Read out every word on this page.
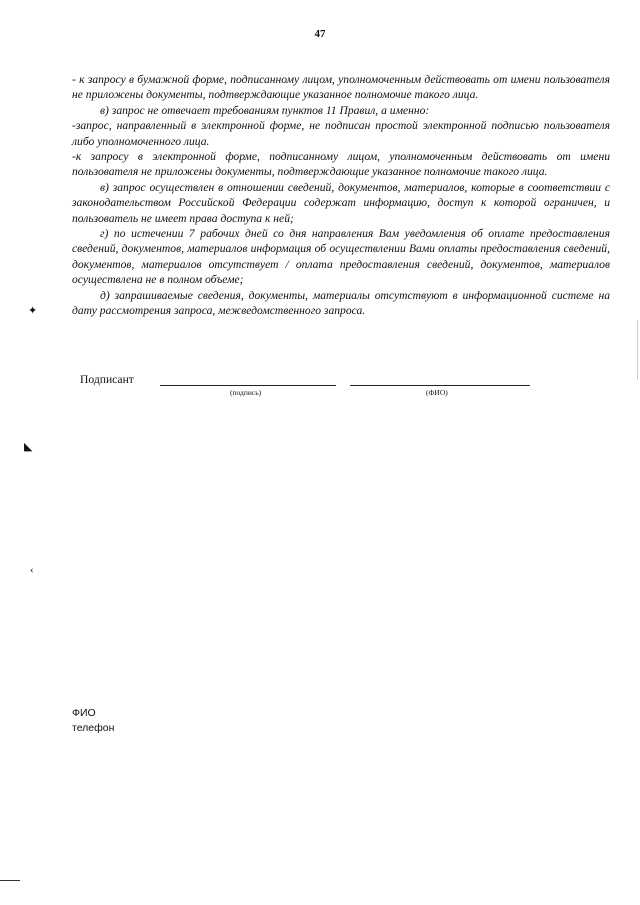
47

- к запросу в бумажной форме, подписанному лицом, уполномоченным действовать от имени пользователя не приложены документы, подтверждающие указанное полномочие такого лица.

в) запрос не отвечает требованиям пунктов 11 Правил, а именно:

-запрос, направленный в электронной форме, не подписан простой электронной подписью пользователя либо уполномоченного лица.

-к запросу в электронной форме, подписанному лицом, уполномоченным действовать от имени пользователя не приложены документы, подтверждающие указанное полномочие такого лица.

в) запрос осуществлен в отношении сведений, документов, материалов, которые в соответствии с законодательством Российской Федерации содержат информацию, доступ к которой ограничен, и пользователь не имеет права доступа к ней;

г) по истечении 7 рабочих дней со дня направления Вам уведомления об оплате предоставления сведений, документов, материалов информация об осуществлении Вами оплаты предоставления сведений, документов, материалов отсутствует / оплата предоставления сведений, документов, материалов осуществлена не в полном объеме;

д) запрашиваемые сведения, документы, материалы отсутствуют в информационной системе на дату рассмотрения запроса, межведомственного запроса.

Подписант
(подпись)	(ФИО)
ФИО
телефон
✦
◣
‹
